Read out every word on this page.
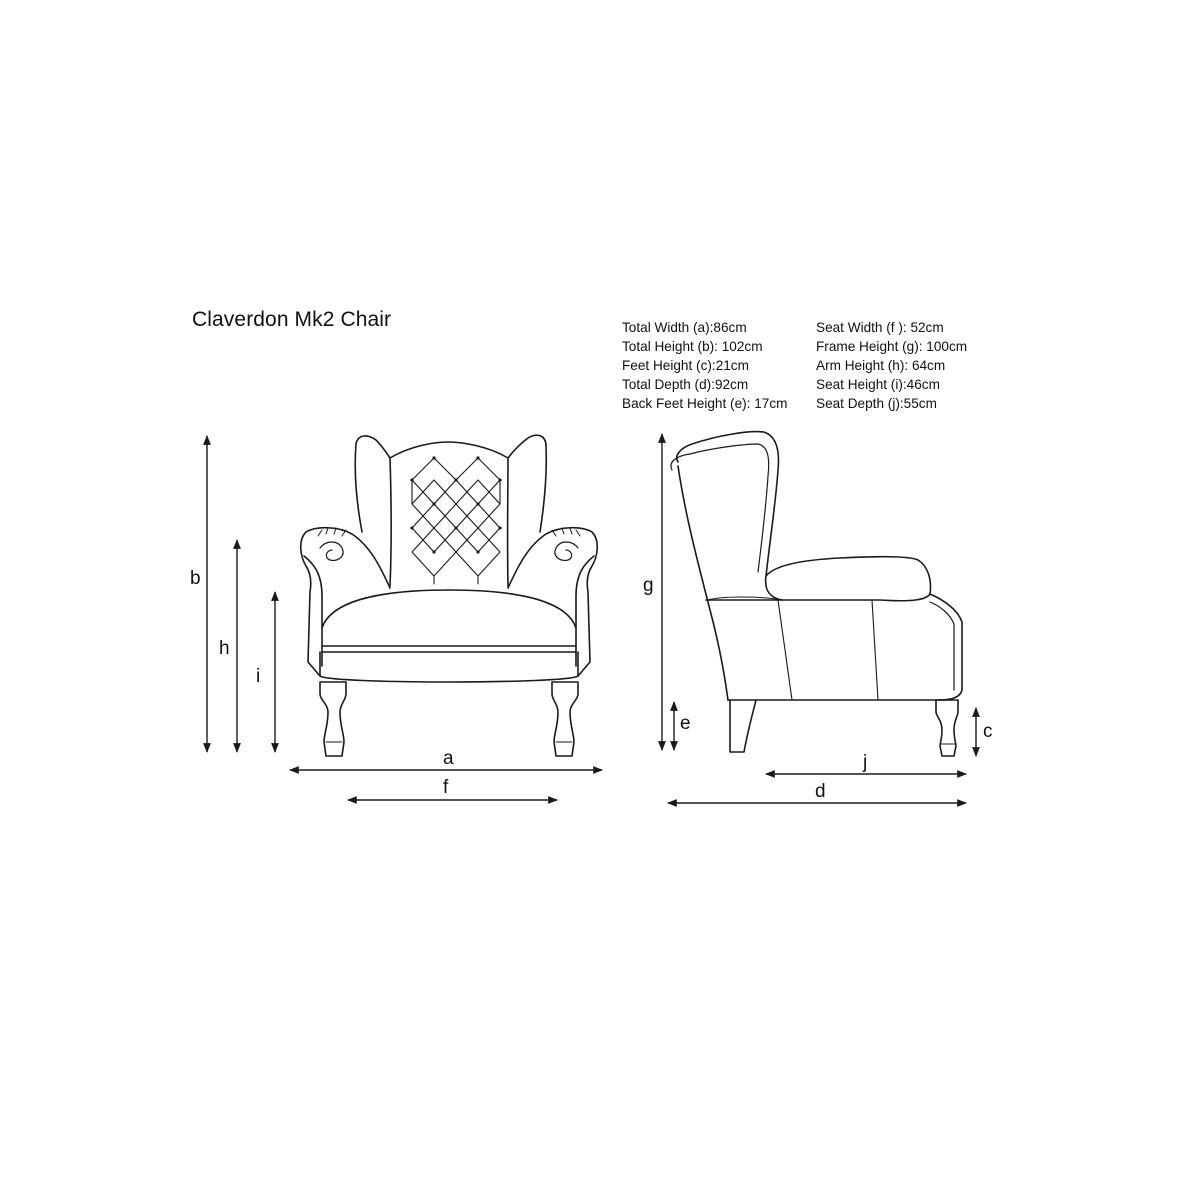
Claverdon Mk2 Chair	Total Width (a):86cm
Total Height (b): 102cm
Feet Height (c):21cm
Total Depth (d):92cm
Back Feet Height (e): 17cm
Seat Width (f ): 52cm
Frame Height (g): 100cm
Arm Height (h): 64cm
Seat Height (i):46cm
Seat Depth (j):55cm
b
h
i
a
f
g
e	c
j
d
